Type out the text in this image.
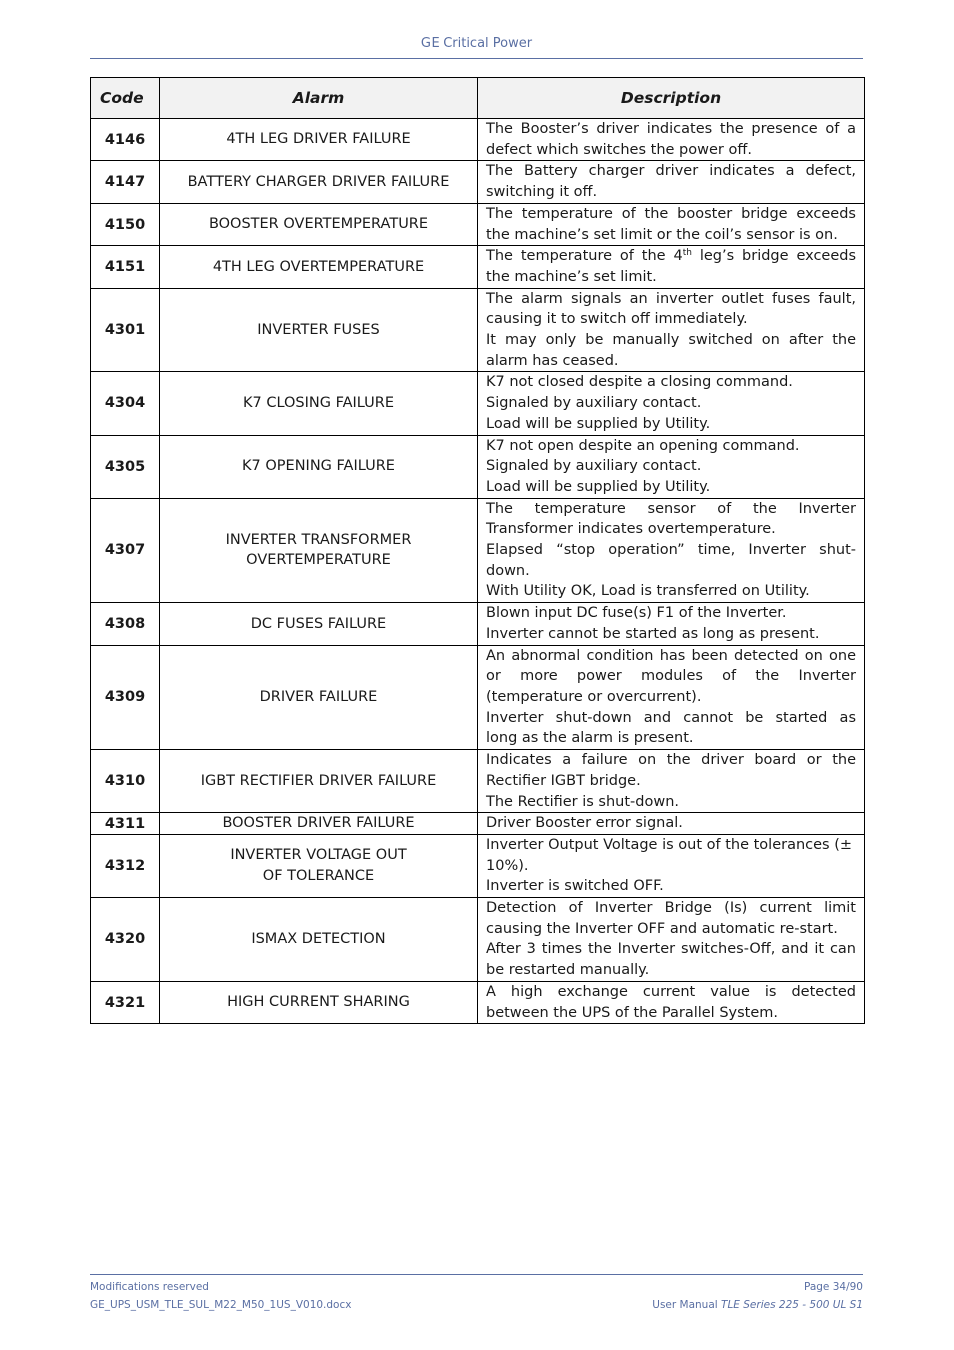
GE Critical Power
Code	Alarm	Description
4146	4TH LEG DRIVER FAILURE	The Booster’s driver indicates the presence of a
defect which switches the power off.

4147	BATTERY CHARGER DRIVER FAILURE	The Battery charger driver indicates a defect,
switching it off.

4150	BOOSTER OVERTEMPERATURE	The temperature of the booster bridge exceeds
the machine’s set limit or the coil’s sensor is on.

4151	4TH LEG OVERTEMPERATURE	The temperature of the 4th leg’s bridge exceeds
the machine’s set limit.

4301	INVERTER FUSES	The alarm signals an inverter outlet fuses fault,
causing it to switch off immediately.
It may only be manually switched on after the
alarm has ceased.

4304	K7 CLOSING FAILURE	K7 not closed despite a closing command.
Signaled by auxiliary contact.
Load will be supplied by Utility.

4305	K7 OPENING FAILURE	K7 not open despite an opening command.
Signaled by auxiliary contact.
Load will be supplied by Utility.

4307	INVERTER TRANSFORMER
OVERTEMPERATURE	The temperature sensor of the Inverter
Transformer indicates overtemperature.
Elapsed “stop operation” time, Inverter shut-
down.
With Utility OK, Load is transferred on Utility.

4308	DC FUSES FAILURE	Blown input DC fuse(s) F1 of the Inverter.
Inverter cannot be started as long as present.

4309	DRIVER FAILURE	An abnormal condition has been detected on one
or more power modules of the Inverter
(temperature or overcurrent).
Inverter shut-down and cannot be started as
long as the alarm is present.

4310	IGBT RECTIFIER DRIVER FAILURE	Indicates a failure on the driver board or the
Rectifier IGBT bridge.
The Rectifier is shut-down.

4311	BOOSTER DRIVER FAILURE	Driver Booster error signal.

4312	INVERTER VOLTAGE OUT
OF TOLERANCE	Inverter Output Voltage is out of the tolerances (±
10%).
Inverter is switched OFF.

4320	ISMAX DETECTION	Detection of Inverter Bridge (Is) current limit
causing the Inverter OFF and automatic re-start.
After 3 times the Inverter switches-Off, and it can
be restarted manually.

4321	HIGH CURRENT SHARING	A high exchange current value is detected
between the UPS of the Parallel System.
Modifications reserved	Page 34/90
GE_UPS_USM_TLE_SUL_M22_M50_1US_V010.docx	User Manual TLE Series 225 - 500 UL S1
